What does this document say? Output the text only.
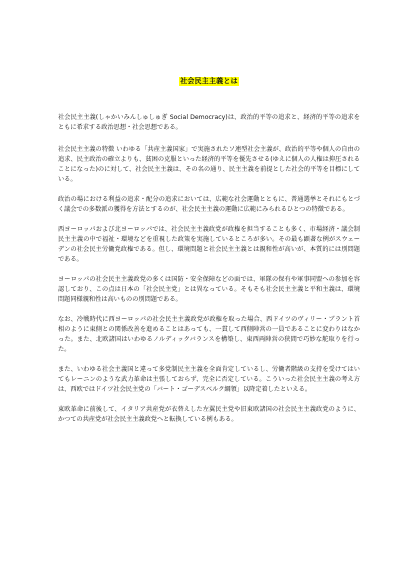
社会民主主義とは

社会民主主義(しゃかいみんしゅしゅぎ Social Democracy)は、政治的平等の追求と、経済的平等の追求をともに希求する政治思想・社会思想である。

社会民主主義の特徴 いわゆる「共産主義国家」で実施されたソ連型社会主義が、政治的平等や個人の自由の追求、民主政治の確立よりも、貧困の克服といった経済的平等を優先させる(ゆえに個人の人権は抑圧されることになった)のに対して、社会民主主義は、その名の通り、民主主義を前提とした社会的平等を目標にしている。

政治の場における利益の追求・配分の追求においては、広範な社会運動とともに、普通選挙とそれにもとづく議会での多数派の獲得を方法とするのが、社会民主主義の運動に広範にみられるひとつの特徴である。

西ヨーロッパおよび北ヨーロッパでは、社会民主主義政党が政権を担当することも多く、市場経済・議会制民主主義の中で福祉・環境などを重視した政策を実施しているところが多い。その最も顕著な例がスウェーデンの社会民主労働党政権である。但し、環境問題と社会民主主義とは親和性が高いが、本質的には別問題である。

ヨーロッパの社会民主主義政党の多くは国防・安全保障などの面では、軍隊の保有や軍事同盟への参加を容認しており、この点は日本の「社会民主党」とは異なっている。そもそも社会民主主義と平和主義は、環境問題同様親和性は高いものの別問題である。

なお、冷戦時代に西ヨーロッパの社会民主主義政党が政権を取った場合、西ドイツのヴィリー・ブラント首相のように東側との関係改善を進めることはあっても、一貫して西側陣営の一員であることに変わりはなかった。また、北欧諸国はいわゆるノルディックバランスを構築し、東西両陣営の狭間で巧妙な舵取りを行った。

また、いわゆる社会主義国と違って多党制民主主義を全面肯定しているし、労働者階級の支持を受けてはいてもレーニンのような武力革命は主張しておらず、完全に否定している。こういった社会民主主義の考え方は、西欧ではドイツ社会民主党の「バート・ゴーデスベルク綱領」以降定着したといえる。

東欧革命に前後して、イタリア共産党が衣替えした左翼民主党や旧東欧諸国の社会民主主義政党のように、かつての共産党が社会民主主義政党へと転換している例もある。
